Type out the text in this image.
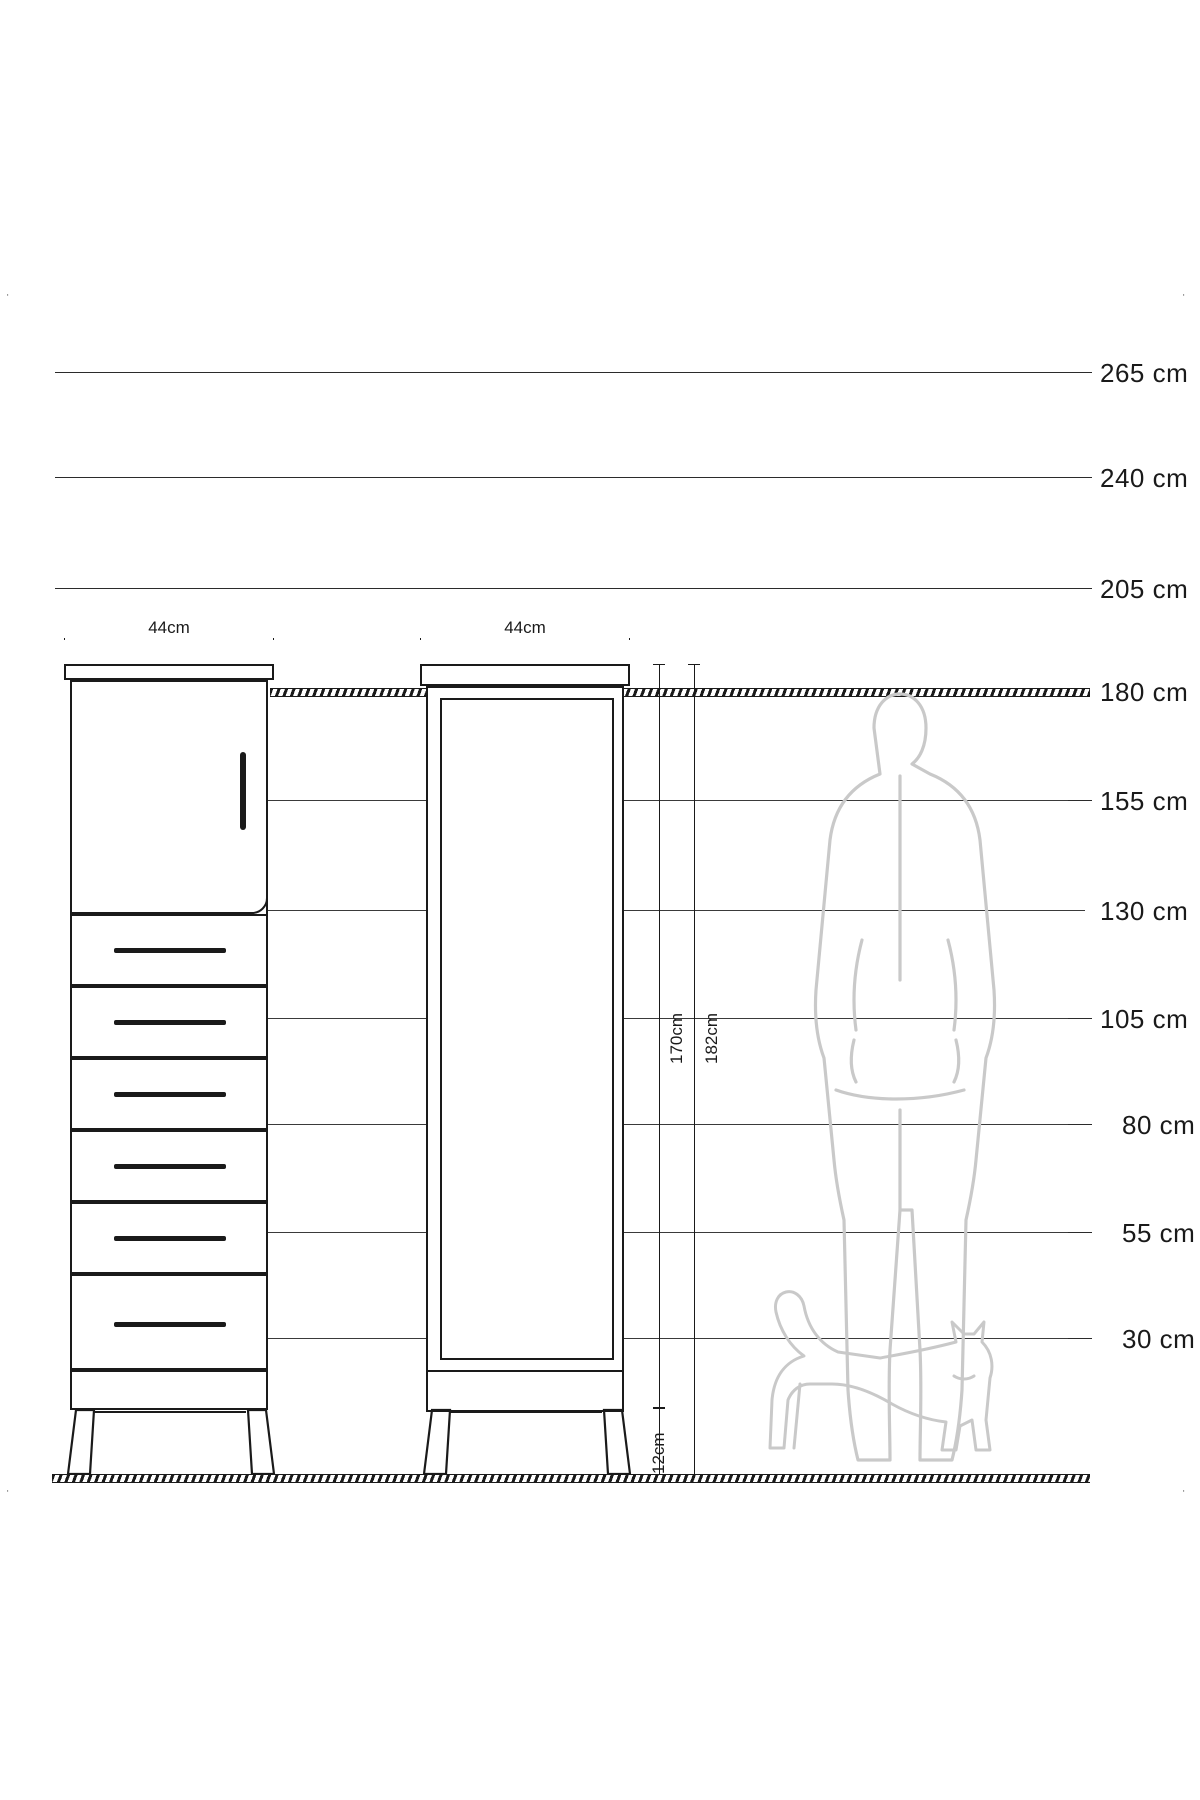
˙	˙
˙	˙
265 cm
240 cm
205 cm
180 cm
155 cm
130 cm
105 cm
80 cm
55 cm
30 cm
44cm	44cm
170cm 182cm
12cm
